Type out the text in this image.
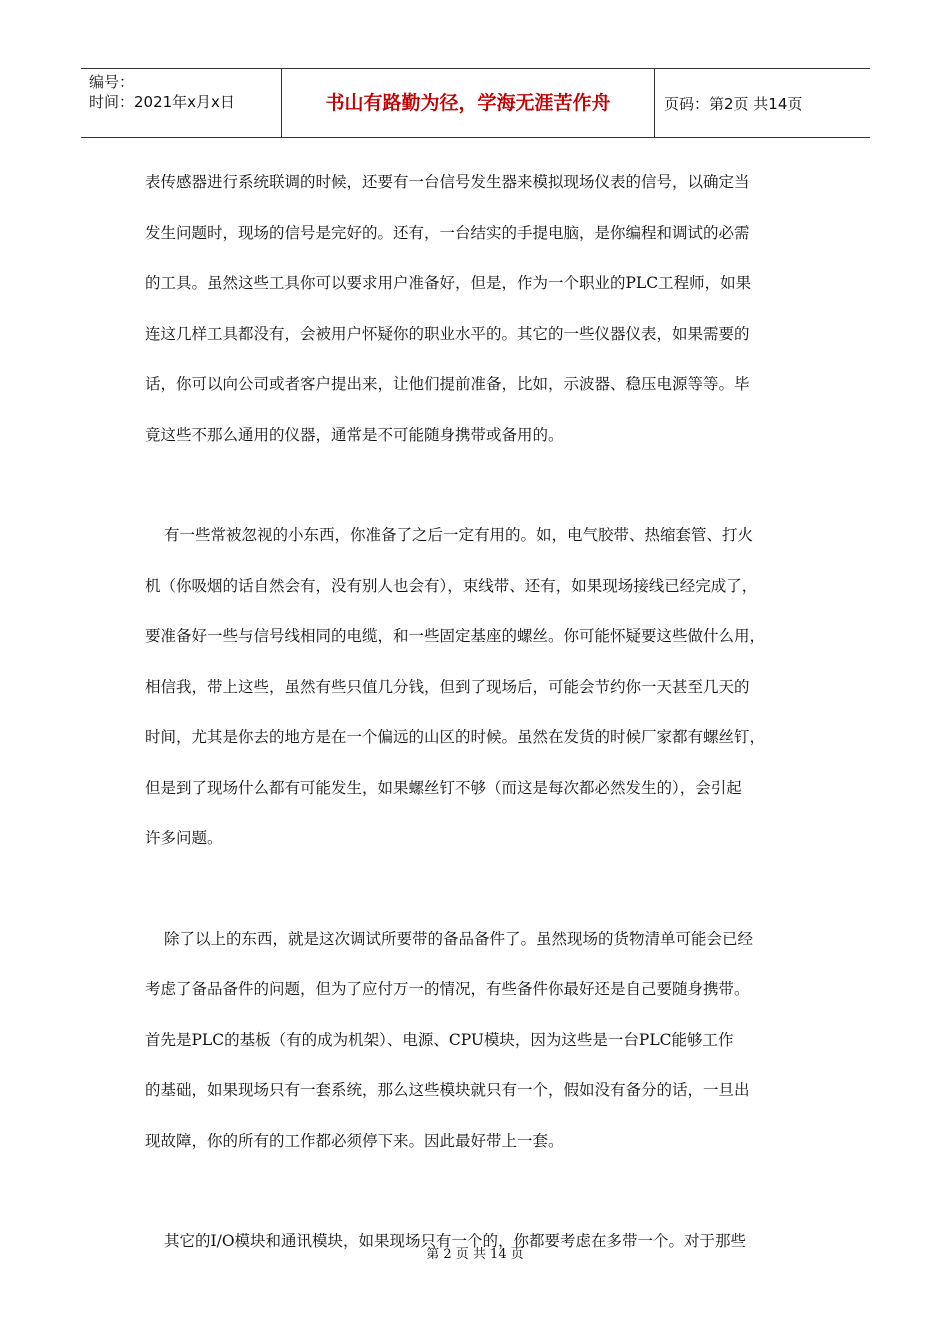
编号：
时间：2021年x月x日	书山有路勤为径，学海无涯苦作舟	页码：第2页 共14页

表传感器进行系统联调的时候，还要有一台信号发生器来模拟现场仪表的信号，以确定当

发生问题时，现场的信号是完好的。还有，一台结实的手提电脑，是你编程和调试的必需

的工具。虽然这些工具你可以要求用户准备好，但是，作为一个职业的PLC工程师，如果

连这几样工具都没有，会被用户怀疑你的职业水平的。其它的一些仪器仪表，如果需要的

话，你可以向公司或者客户提出来，让他们提前准备，比如，示波器、稳压电源等等。毕

竟这些不那么通用的仪器，通常是不可能随身携带或备用的。

有一些常被忽视的小东西，你准备了之后一定有用的。如，电气胶带、热缩套管、打火

机（你吸烟的话自然会有，没有别人也会有），束线带、还有，如果现场接线已经完成了，

要准备好一些与信号线相同的电缆，和一些固定基座的螺丝。你可能怀疑要这些做什么用，

相信我，带上这些，虽然有些只值几分钱，但到了现场后，可能会节约你一天甚至几天的

时间，尤其是你去的地方是在一个偏远的山区的时候。虽然在发货的时候厂家都有螺丝钉，

但是到了现场什么都有可能发生，如果螺丝钉不够（而这是每次都必然发生的），会引起

许多问题。

除了以上的东西，就是这次调试所要带的备品备件了。虽然现场的货物清单可能会已经

考虑了备品备件的问题，但为了应付万一的情况，有些备件你最好还是自己要随身携带。

首先是PLC的基板（有的成为机架）、电源、CPU模块，因为这些是一台PLC能够工作

的基础，如果现场只有一套系统，那么这些模块就只有一个，假如没有备分的话，一旦出

现故障，你的所有的工作都必须停下来。因此最好带上一套。

其它的I/O模块和通讯模块，如果现场只有一个的，你都要考虑在多带一个。对于那些

第 2 页 共 14 页
